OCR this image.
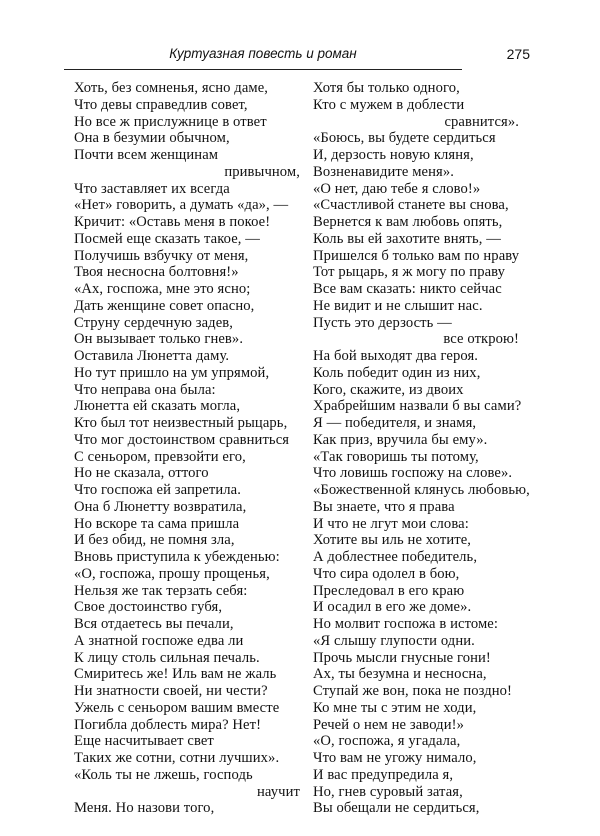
Куртуазная повесть и роман	275
Хоть, без сомненья, ясно даме,
Что девы справедлив совет,
Но все ж прислужнице в ответ
Она в безумии обычном,
Почти всем женщинам
привычном,
Что заставляет их всегда
«Нет» говорить, а думать «да», —
Кричит: «Оставь меня в покое!
Посмей еще сказать такое, —
Получишь взбучку от меня,
Твоя несносна болтовня!»
«Ах, госпожа, мне это ясно;
Дать женщине совет опасно,
Струну сердечную задев,
Он вызывает только гнев».
Оставила Люнетта даму.
Но тут пришло на ум упрямой,
Что неправа она была:
Люнетта ей сказать могла,
Кто был тот неизвестный рыцарь,
Что мог достоинством сравниться
С сеньором, превзойти его,
Но не сказала, оттого
Что госпожа ей запретила.
Она б Люнетту возвратила,
Но вскоре та сама пришла
И без обид, не помня зла,
Вновь приступила к убежденью:
«О, госпожа, прошу прощенья,
Нельзя же так терзать себя:
Свое достоинство губя,
Вся отдаетесь вы печали,
А знатной госпоже едва ли
К лицу столь сильная печаль.
Смиритесь же! Иль вам не жаль
Ни знатности своей, ни чести?
Ужель с сеньором вашим вместе
Погибла доблесть мира? Нет!
Еще насчитывает свет
Таких же сотни, сотни лучших».
«Коль ты не лжешь, господь
научит
Меня. Но назови того,
Хотя бы только одного,
Кто с мужем в доблести
сравнится».
«Боюсь, вы будете сердиться
И, дерзость новую кляня,
Возненавидите меня».
«О нет, даю тебе я слово!»
«Счастливой станете вы снова,
Вернется к вам любовь опять,
Коль вы ей захотите внять, —
Пришелся б только вам по нраву
Тот рыцарь, я ж могу по праву
Все вам сказать: никто сейчас
Не видит и не слышит нас.
Пусть это дерзость —
все открою!
На бой выходят два героя.
Коль победит один из них,
Кого, скажите, из двоих
Храбрейшим назвали б вы сами?
Я — победителя, и знамя,
Как приз, вручила бы ему».
«Так говоришь ты потому,
Что ловишь госпожу на слове».
«Божественной клянусь любовью,
Вы знаете, что я права
И что не лгут мои слова:
Хотите вы иль не хотите,
А доблестнее победитель,
Что сира одолел в бою,
Преследовал в его краю
И осадил в его же доме».
Но молвит госпожа в истоме:
«Я слышу глупости одни.
Прочь мысли гнусные гони!
Ах, ты безумна и несносна,
Ступай же вон, пока не поздно!
Ко мне ты с этим не ходи,
Речей о нем не заводи!»
«О, госпожа, я угадала,
Что вам не угожу нимало,
И вас предупредила я,
Но, гнев суровый затая,
Вы обещали не сердиться,
